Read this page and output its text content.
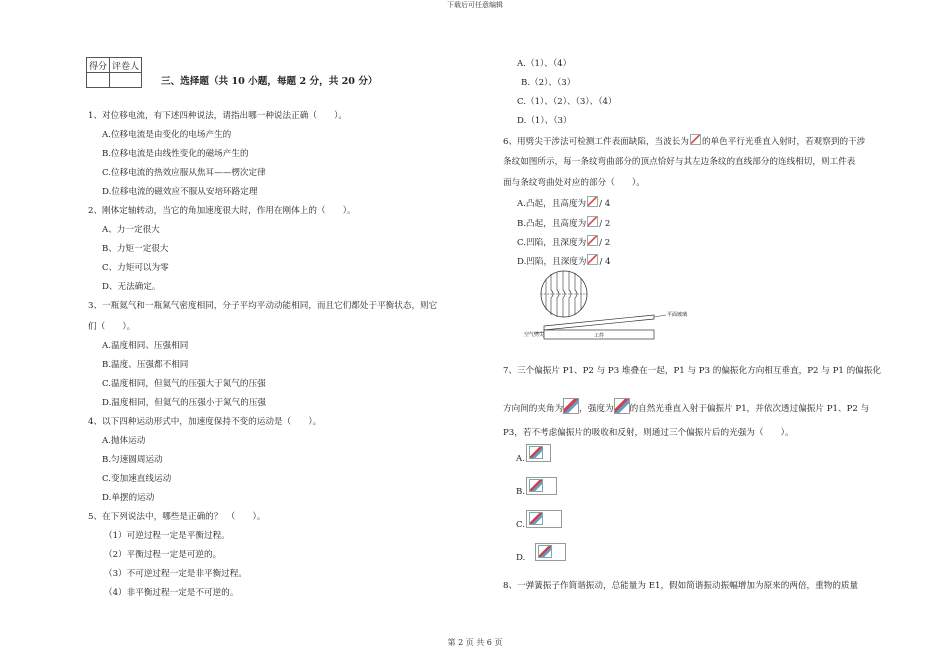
下载后可任意编辑
得分	评卷人

三、选择题（共 10 小题，每题 2 分，共 20 分）
1、对位移电流，有下述四种说法，请指出哪一种说法正确（　　）。
A.位移电流是由变化的电场产生的
B.位移电流是由线性变化的磁场产生的
C.位移电流的热效应服从焦耳——楞次定律
D.位移电流的磁效应不服从安培环路定理
2、刚体定轴转动，当它的角加速度很大时，作用在刚体上的（　　）。
A、力一定很大
B、力矩一定很大
C、力矩可以为零
D、无法确定。
3、一瓶氦气和一瓶氮气密度相同，分子平均平动动能相同，而且它们都处于平衡状态，则它
们（　　）。
A.温度相同、压强相同
B.温度、压强都不相同
C.温度相同，但氦气的压强大于氮气的压强
D.温度相同，但氦气的压强小于氮气的压强
4、以下四种运动形式中，加速度保持不变的运动是（　　）。
A.抛体运动
B.匀速圆周运动
C.变加速直线运动
D.单摆的运动
5、在下列说法中，哪些是正确的？　（　　）。
（1）可逆过程一定是平衡过程。
（2）平衡过程一定是可逆的。
（3）不可逆过程一定是非平衡过程。
（4）非平衡过程一定是不可逆的。
A.（1）、（4）
B.（2）、（3）
C.（1）、（2）、（3）、（4）
D.（1）、（3）
6、用劈尖干涉法可检测工件表面缺陷，当波长为 的单色平行光垂直入射时，若观察到的干涉
条纹如图所示，每一条纹弯曲部分的顶点恰好与其左边条纹的直线部分的连线相切，则工件表
面与条纹弯曲处对应的部分（　　）。
A.凸起，且高度为 / 4
B.凸起，且高度为 / 2
C.凹陷，且深度为 / 2
D.凹陷，且深度为 / 4
平面玻璃
工件
空气劈尖
7、三个偏振片 P1、P2 与 P3 堆叠在一起，P1 与 P3 的偏振化方向相互垂直，P2 与 P1 的偏振化
方向间的夹角为 ，强度为 的自然光垂直入射于偏振片 P1，并依次透过偏振片 P1、P2 与
P3，若不考虑偏振片的吸收和反射，则通过三个偏振片后的光强为（　　）。
A.
B.
C.
D.
8、一弹簧振子作简谐振动，总能量为 E1，假如简谐振动振幅增加为原来的两倍，重物的质量
第 2 页 共 6 页
